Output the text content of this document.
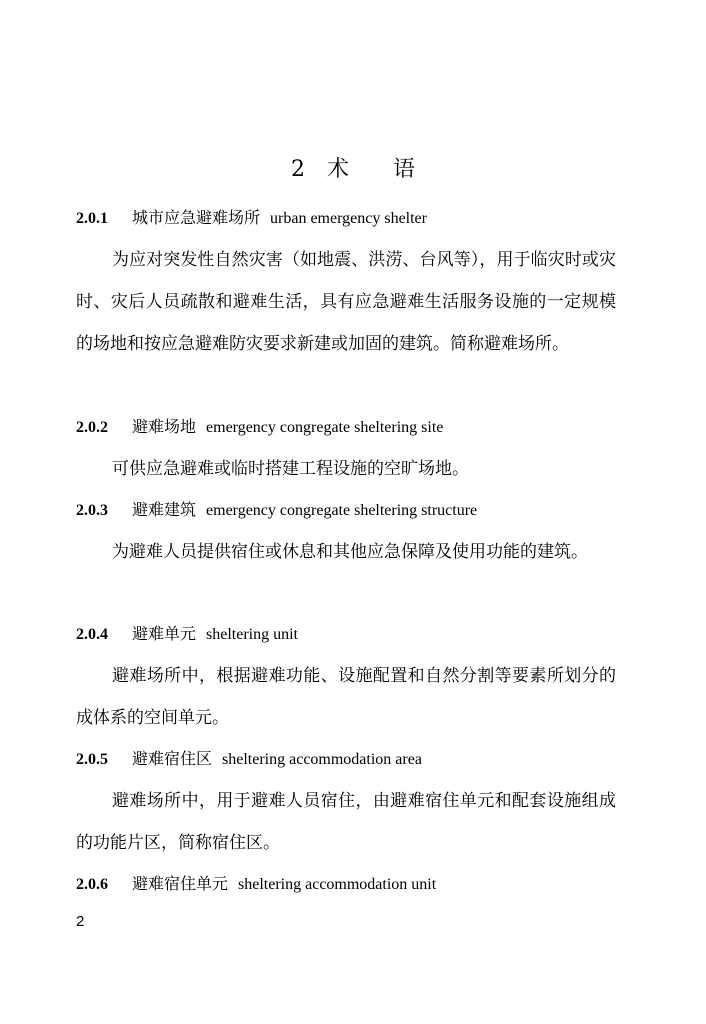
2　术　　语
2.0.1 城市应急避难场所 urban emergency shelter
为应对突发性自然灾害（如地震、洪涝、台风等），用于临灾时或灾时、灾后人员疏散和避难生活，具有应急避难生活服务设施的一定规模的场地和按应急避难防灾要求新建或加固的建筑。简称避难场所。
2.0.2 避难场地 emergency congregate sheltering site
可供应急避难或临时搭建工程设施的空旷场地。
2.0.3 避难建筑 emergency congregate sheltering structure
为避难人员提供宿住或休息和其他应急保障及使用功能的建筑。
2.0.4 避难单元 sheltering unit
避难场所中，根据避难功能、设施配置和自然分割等要素所划分的成体系的空间单元。
2.0.5 避难宿住区 sheltering accommodation area
避难场所中，用于避难人员宿住，由避难宿住单元和配套设施组成的功能片区，简称宿住区。
2.0.6 避难宿住单元 sheltering accommodation unit
2
